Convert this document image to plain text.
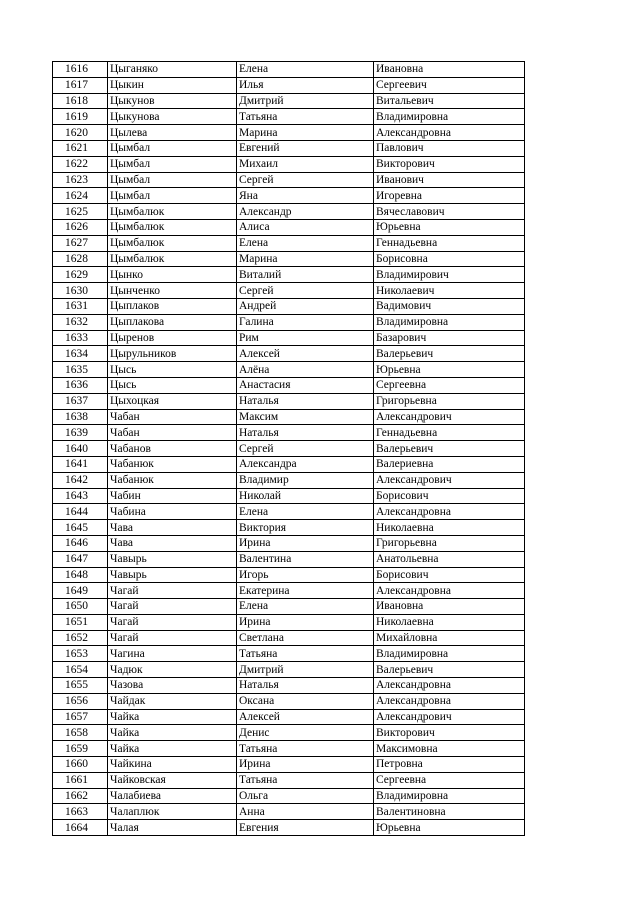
1616	Цыганяко	Елена	Ивановна
1617	Цыкин	Илья	Сергеевич
1618	Цыкунов	Дмитрий	Витальевич
1619	Цыкунова	Татьяна	Владимировна
1620	Цылева	Марина	Александровна
1621	Цымбал	Евгений	Павлович
1622	Цымбал	Михаил	Викторович
1623	Цымбал	Сергей	Иванович
1624	Цымбал	Яна	Игоревна
1625	Цымбалюк	Александр	Вячеславович
1626	Цымбалюк	Алиса	Юрьевна
1627	Цымбалюк	Елена	Геннадьевна
1628	Цымбалюк	Марина	Борисовна
1629	Цынко	Виталий	Владимирович
1630	Цынченко	Сергей	Николаевич
1631	Цыплаков	Андрей	Вадимович
1632	Цыплакова	Галина	Владимировна
1633	Цыренов	Рим	Базарович
1634	Цырульников	Алексей	Валерьевич
1635	Цысь	Алёна	Юрьевна
1636	Цысь	Анастасия	Сергеевна
1637	Цыхоцкая	Наталья	Григорьевна
1638	Чабан	Максим	Александрович
1639	Чабан	Наталья	Геннадьевна
1640	Чабанов	Сергей	Валерьевич
1641	Чабанюк	Александра	Валериевна
1642	Чабанюк	Владимир	Александрович
1643	Чабин	Николай	Борисович
1644	Чабина	Елена	Александровна
1645	Чава	Виктория	Николаевна
1646	Чава	Ирина	Григорьевна
1647	Чавырь	Валентина	Анатольевна
1648	Чавырь	Игорь	Борисович
1649	Чагай	Екатерина	Александровна
1650	Чагай	Елена	Ивановна
1651	Чагай	Ирина	Николаевна
1652	Чагай	Светлана	Михайловна
1653	Чагина	Татьяна	Владимировна
1654	Чадюк	Дмитрий	Валерьевич
1655	Чазова	Наталья	Александровна
1656	Чайдак	Оксана	Александровна
1657	Чайка	Алексей	Александрович
1658	Чайка	Денис	Викторович
1659	Чайка	Татьяна	Максимовна
1660	Чайкина	Ирина	Петровна
1661	Чайковская	Татьяна	Сергеевна
1662	Чалабиева	Ольга	Владимировна
1663	Чалаплюк	Анна	Валентиновна
1664	Чалая	Евгения	Юрьевна
